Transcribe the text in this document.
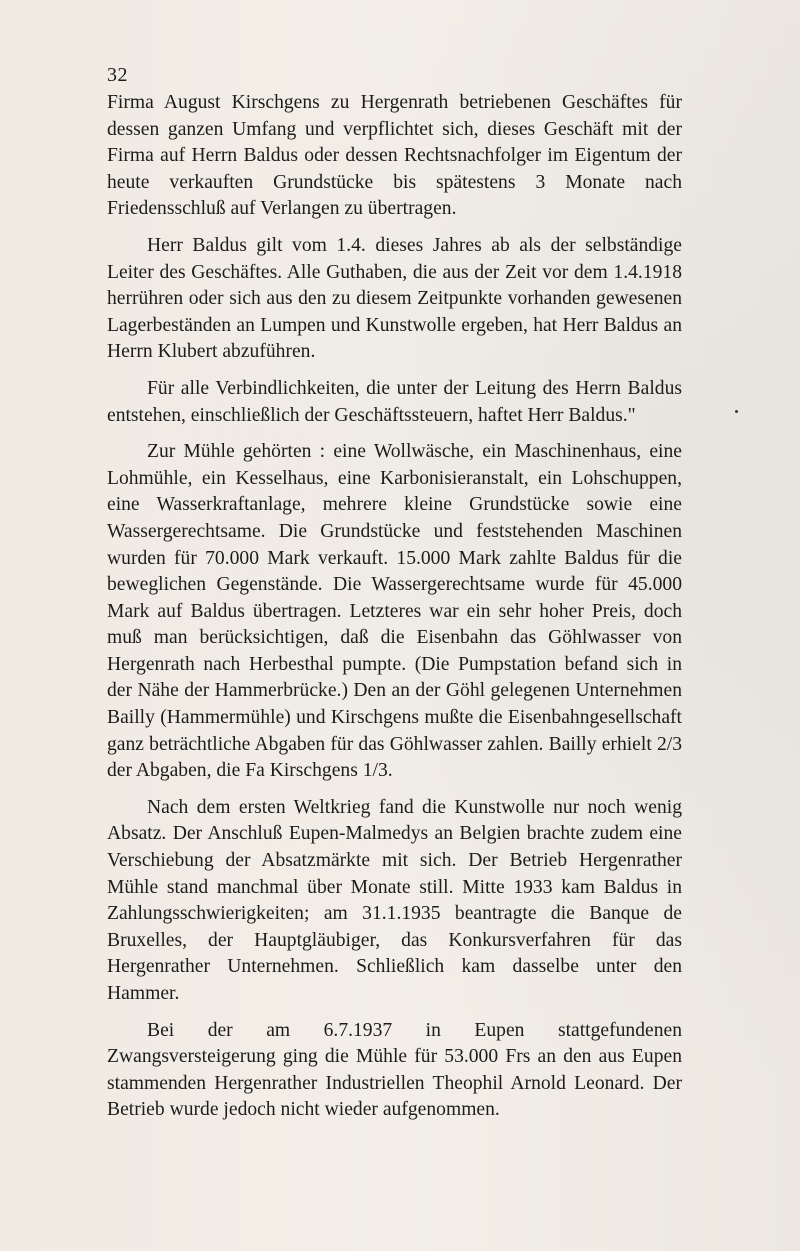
32

Firma August Kirschgens zu Hergenrath betriebenen Geschäftes für dessen ganzen Umfang und verpflichtet sich, dieses Geschäft mit der Firma auf Herrn Baldus oder dessen Rechtsnachfolger im Eigentum der heute verkauften Grundstücke bis spätestens 3 Monate nach Friedensschluß auf Verlangen zu übertragen.

Herr Baldus gilt vom 1.4. dieses Jahres ab als der selbständige Leiter des Geschäftes. Alle Guthaben, die aus der Zeit vor dem 1.4.1918 herrühren oder sich aus den zu diesem Zeitpunkte vorhanden gewesenen Lagerbeständen an Lumpen und Kunstwolle ergeben, hat Herr Baldus an Herrn Klubert abzuführen.

Für alle Verbindlichkeiten, die unter der Leitung des Herrn Baldus entstehen, einschließlich der Geschäftssteuern, haftet Herr Baldus."

Zur Mühle gehörten : eine Wollwäsche, ein Maschinenhaus, eine Lohmühle, ein Kesselhaus, eine Karbonisieranstalt, ein Lohschuppen, eine Wasserkraftanlage, mehrere kleine Grundstücke sowie eine Wassergerechtsame. Die Grundstücke und feststehenden Maschinen wurden für 70.000 Mark verkauft. 15.000 Mark zahlte Baldus für die beweglichen Gegenstände. Die Wassergerechtsame wurde für 45.000 Mark auf Baldus übertragen. Letzteres war ein sehr hoher Preis, doch muß man berücksichtigen, daß die Eisenbahn das Göhlwasser von Hergenrath nach Herbesthal pumpte. (Die Pumpstation befand sich in der Nähe der Hammerbrücke.) Den an der Göhl gelegenen Unternehmen Bailly (Hammermühle) und Kirschgens mußte die Eisenbahngesellschaft ganz beträchtliche Abgaben für das Göhlwasser zahlen. Bailly erhielt 2/3 der Abgaben, die Fa Kirschgens 1/3.

Nach dem ersten Weltkrieg fand die Kunstwolle nur noch wenig Absatz. Der Anschluß Eupen-Malmedys an Belgien brachte zudem eine Verschiebung der Absatzmärkte mit sich. Der Betrieb Hergenrather Mühle stand manchmal über Monate still. Mitte 1933 kam Baldus in Zahlungsschwierigkeiten; am 31.1.1935 beantragte die Banque de Bruxelles, der Hauptgläubiger, das Konkursverfahren für das Hergenrather Unternehmen. Schließlich kam dasselbe unter den Hammer.

Bei der am 6.7.1937 in Eupen stattgefundenen Zwangsversteigerung ging die Mühle für 53.000 Frs an den aus Eupen stammenden Hergenrather Industriellen Theophil Arnold Leonard. Der Betrieb wurde jedoch nicht wieder aufgenommen.
